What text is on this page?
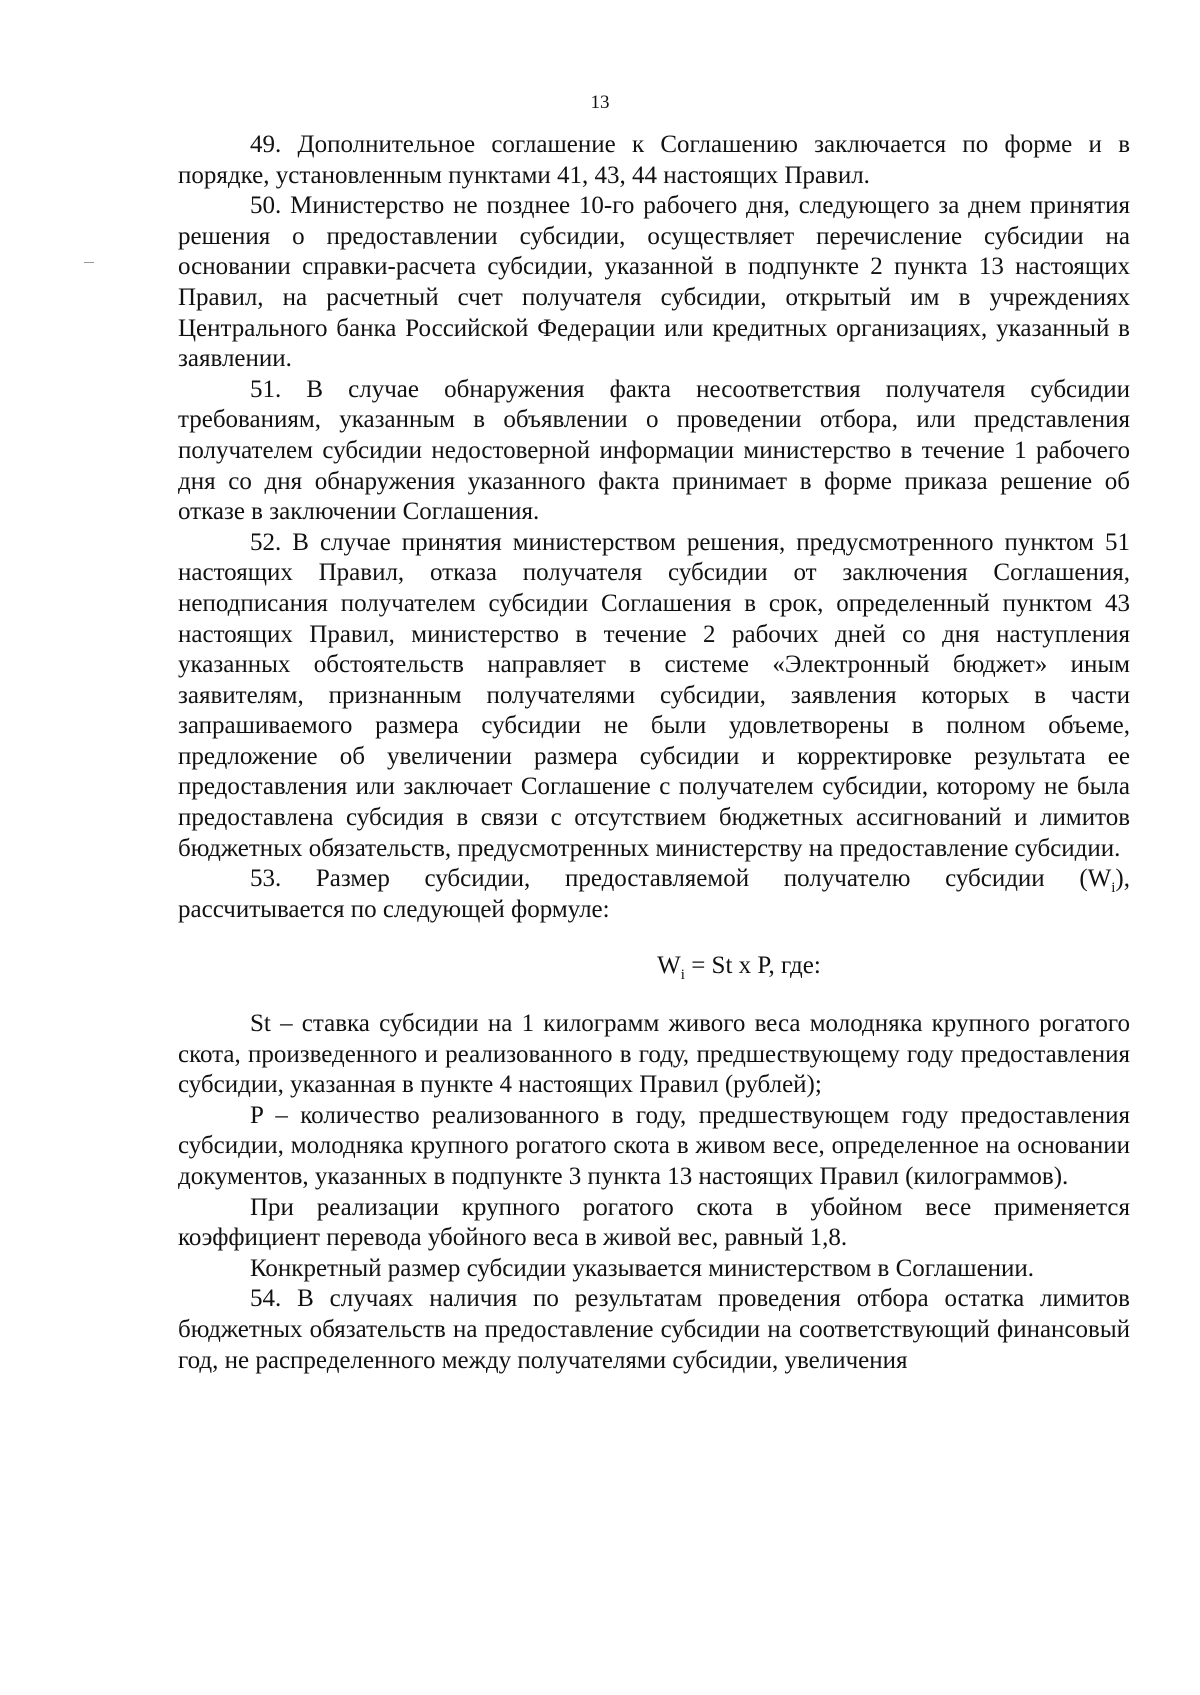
13

49. Дополнительное соглашение к Соглашению заключается по форме и в порядке, установленным пунктами 41, 43, 44 настоящих Правил.

50. Министерство не позднее 10-го рабочего дня, следующего за днем принятия решения о предоставлении субсидии, осуществляет перечисление субсидии на основании справки-расчета субсидии, указанной в подпункте 2 пункта 13 настоящих Правил, на расчетный счет получателя субсидии, открытый им в учреждениях Центрального банка Российской Федерации или кредитных организациях, указанный в заявлении.

51. В случае обнаружения факта несоответствия получателя субсидии требованиям, указанным в объявлении о проведении отбора, или представления получателем субсидии недостоверной информации министерство в течение 1 рабочего дня со дня обнаружения указанного факта принимает в форме приказа решение об отказе в заключении Соглашения.

52. В случае принятия министерством решения, предусмотренного пунктом 51 настоящих Правил, отказа получателя субсидии от заключения Соглашения, неподписания получателем субсидии Соглашения в срок, определенный пунктом 43 настоящих Правил, министерство в течение 2 рабочих дней со дня наступления указанных обстоятельств направляет в системе «Электронный бюджет» иным заявителям, признанным получателями субсидии, заявления которых в части запрашиваемого размера субсидии не были удовлетворены в полном объеме, предложение об увеличении размера субсидии и корректировке результата ее предоставления или заключает Соглашение с получателем субсидии, которому не была предоставлена субсидия в связи с отсутствием бюджетных ассигнований и лимитов бюджетных обязательств, предусмотренных министерству на предоставление субсидии.

53. Размер субсидии, предоставляемой получателю субсидии $(W_i)$, рассчитывается по следующей формуле:

$W_i = St$ x P, где:

St – ставка субсидии на 1 килограмм живого веса молодняка крупного рогатого скота, произведенного и реализованного в году, предшествующему году предоставления субсидии, указанная в пункте 4 настоящих Правил (рублей);

P – количество реализованного в году, предшествующем году предоставления субсидии, молодняка крупного рогатого скота в живом весе, определенное на основании документов, указанных в подпункте 3 пункта 13 настоящих Правил (килограммов).

При реализации крупного рогатого скота в убойном весе применяется коэффициент перевода убойного веса в живой вес, равный 1,8.

Конкретный размер субсидии указывается министерством в Соглашении.

54. В случаях наличия по результатам проведения отбора остатка лимитов бюджетных обязательств на предоставление субсидии на соответствующий финансовый год, не распределенного между получателями субсидии, увеличения
